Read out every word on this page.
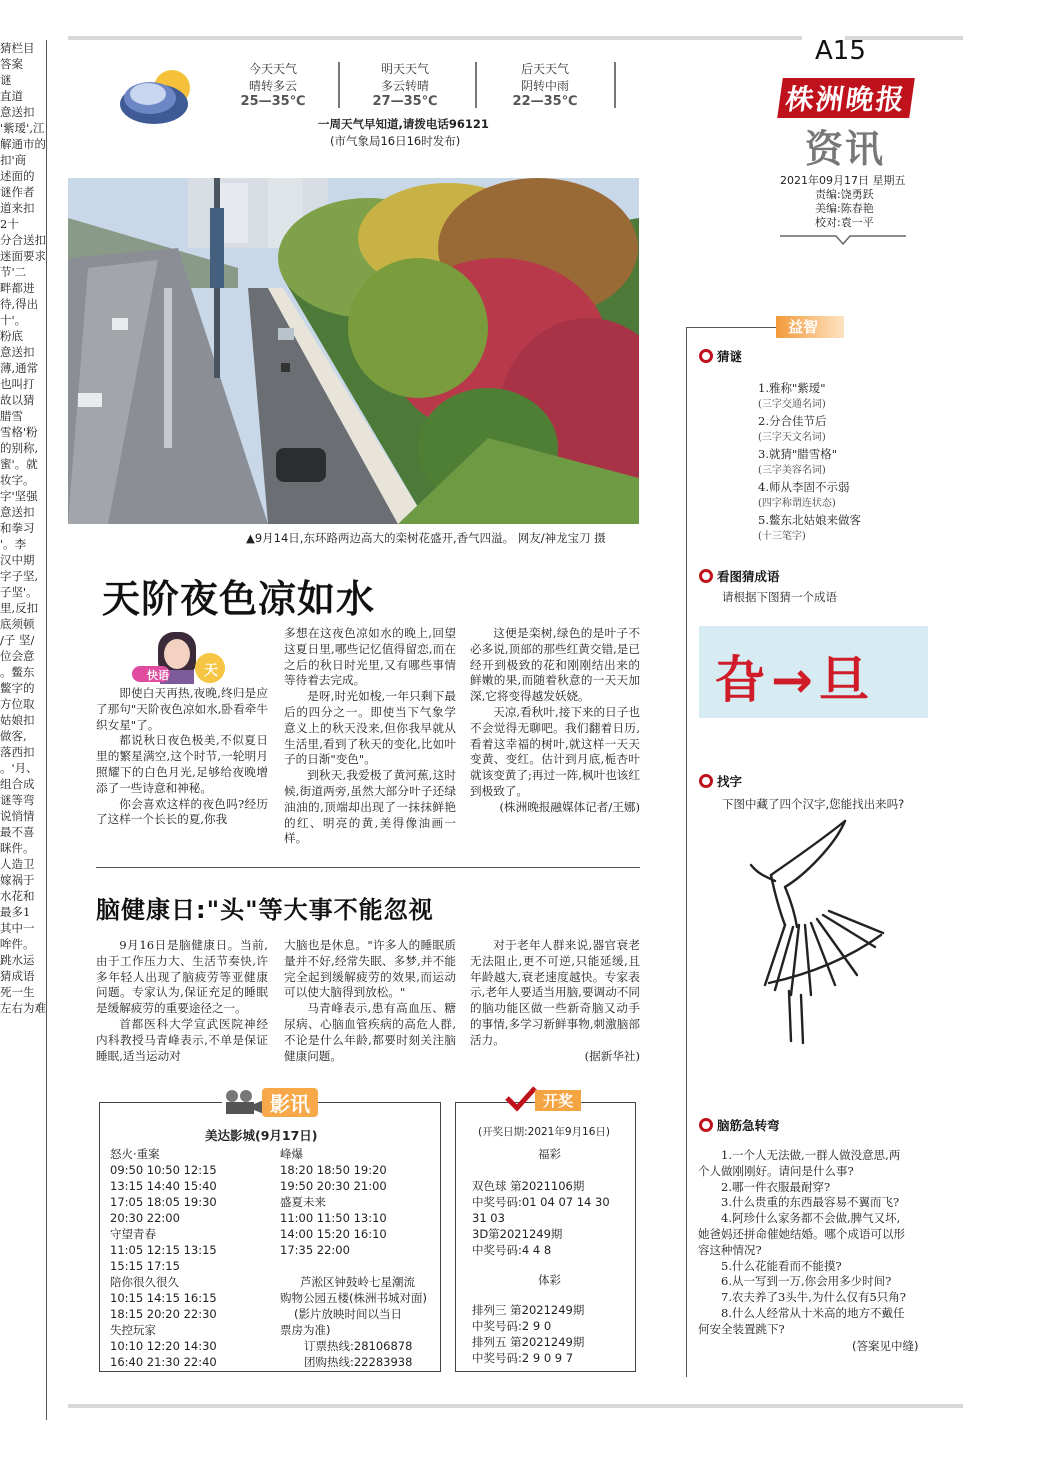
猜栏目
答案
谜
直道
意送扣
'紫瑷',江
解通市的
扣'商
述面的
谜作者
道来扣
2十
分合送扣
迷面要求
节'二
畔都进
待,得出
十'。
粉底
意送扣
薄,通常
也叫打
故以猜
腊雪
雪格'粉
的别称,
蜜'。就
妆字。
字'坚强
意送扣
和拳习
'。李
汉中期
字子坚,
子坚'。
里,反扣
底须顿
/子 坚/
位会意
。鳖东
鳖字的
方位取
姑娘扣
做客,
落西扣
。'月、
组合成
谜等弯
说悄情
最不喜
眯件。
人造卫
嫁祸于
水花和
最多1
其中一
哞件。
跳水运
猜成语
死一生
左右为难
今天天气
晴转多云
25—35℃
明天天气
多云转晴
27—35℃
后天天气
阴转中雨
22—35℃
一周天气早知道,请拨电话96121
(市气象局16日16时发布)
A15
株洲晚报
资讯
2021年09月17日 星期五
责编:饶勇跃
美编:陈春艳
校对:袁一平
▲9月14日,东环路两边高大的栾树花盛开,香气四溢。 网友/神龙宝刀 摄
天阶夜色凉如水
快语	天

即使白天再热,夜晚,终归是应了那句"天阶夜色凉如水,卧看牵牛织女星"了。

都说秋日夜色极美,不似夏日里的繁星满空,这个时节,一轮明月照耀下的白色月光,足够给夜晚增添了一些诗意和神秘。

你会喜欢这样的夜色吗?经历了这样一个长长的夏,你我

多想在这夜色凉如水的晚上,回望这夏日里,哪些记忆值得留恋,而在之后的秋日时光里,又有哪些事情等待着去完成。

是呀,时光如梭,一年只剩下最后的四分之一。即使当下气象学意义上的秋天没来,但你我早就从生活里,看到了秋天的变化,比如叶子的日渐"变色"。

到秋天,我爱极了黄河蕉,这时候,街道两旁,虽然大部分叶子还绿油油的,顶端却出现了一抹抹鲜艳的红、明亮的黄,美得像油画一样。

这便是栾树,绿色的是叶子不必多说,顶部的那些红黄交错,是已经开到极致的花和刚刚结出来的鲜嫩的果,而随着秋意的一天天加深,它将变得越发妖娆。

天凉,看秋叶,接下来的日子也不会觉得无聊吧。我们翻着日历,看着这幸福的树叶,就这样一天天变黄、变红。估计到月底,栀杏叶就该变黄了;再过一阵,枫叶也该红到极致了。

(株洲晚报融媒体记者/王娜)

脑健康日:"头"等大事不能忽视

9月16日是脑健康日。当前,由于工作压力大、生活节奏快,许多年轻人出现了脑疲劳等亚健康问题。专家认为,保证充足的睡眠是缓解疲劳的重要途径之一。

首都医科大学宣武医院神经内科教授马青峰表示,不单是保证睡眠,适当运动对

大脑也是休息。"许多人的睡眠质量并不好,经常失眠、多梦,并不能完全起到缓解疲劳的效果,而运动可以使大脑得到放松。"

马青峰表示,患有高血压、糖尿病、心脑血管疾病的高危人群,不论是什么年龄,都要时刻关注脑健康问题。

对于老年人群来说,器官衰老无法阻止,更不可逆,只能延缓,且年龄越大,衰老速度越快。专家表示,老年人要适当用脑,要调动不同的脑功能区做一些新奇脑又动手的事情,多学习新鲜事物,刺激脑部活力。

(据新华社)

影讯
美达影城(9月17日)
怒火·重案
09:50 10:50 12:15
13:15 14:40 15:40
17:05 18:05 19:30
20:30 22:00
守望青春
11:05 12:15 13:15
15:15 17:15
陪你很久很久
10:15 14:15 16:15
18:15 20:20 22:30
失控玩家
10:10 12:20 14:30
16:40 21:30 22:40
峰爆
18:20 18:50 19:20
19:50 20:30 21:00
盛夏未来
11:00 11:50 13:10
14:00 15:20 16:10
17:35 22:00
芦淞区钟鼓岭七星潮流
购物公园五楼(株洲书城对面)
(影片放映时间以当日
票房为准)
订票热线:28106878
团购热线:22283938
开奖
(开奖日期:2021年9月16日)
福彩
双色球 第2021106期
中奖号码:01 04 07 14 30
31 03
3D第2021249期
中奖号码:4 4 8
体彩
排列三 第2021249期
中奖号码:2 9 0
排列五 第2021249期
中奖号码:2 9 0 9 7
益智
猜谜
1.雅称"紫瑷"
(三字交通名词)
2.分合佳节后
(三字天文名词)
3.就猜"腊雪格"
(三字美容名词)
4.师从李固不示弱
(四字称谓连状态)
5.鳖东北姑娘来做客
(十三笔字)
看图猜成语
请根据下图猜一个成语
旮→旦
找字
下图中藏了四个汉字,您能找出来吗?
脑筋急转弯
1.一个人无法做,一群人做没意思,两
个人做刚刚好。请问是什么事?
2.哪一件衣服最耐穿?
3.什么贵重的东西最容易不翼而飞?
4.阿珍什么家务都不会做,脾气又坏,
她爸妈还拼命催她结婚。哪个成语可以形
容这种情况?
5.什么花能看而不能摸?
6.从一写到一万,你会用多少时间?
7.农夫养了3头牛,为什么仅有5只角?
8.什么人经常从十米高的地方不戴任
何安全装置跳下?
(答案见中缝)
